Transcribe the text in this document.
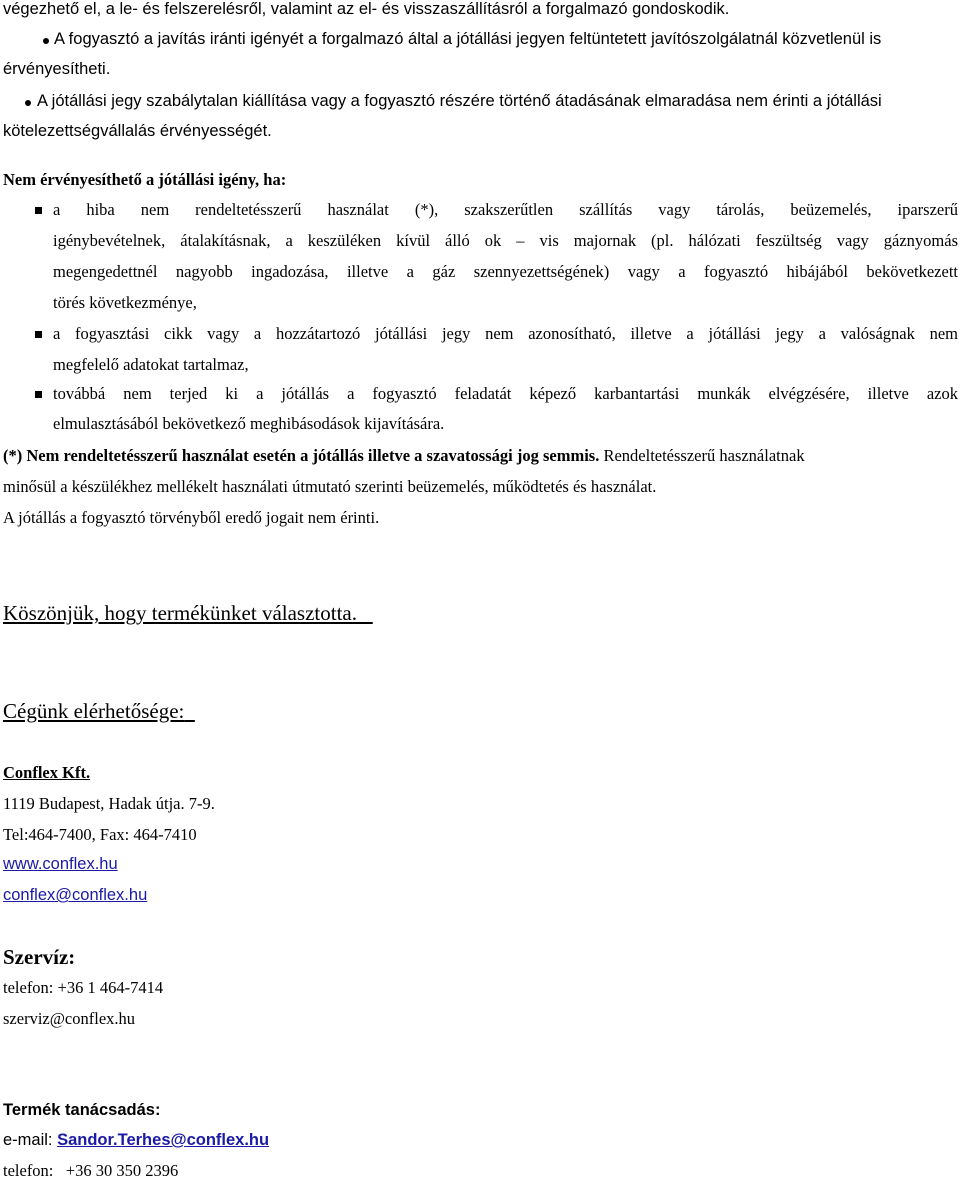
végezhető el, a le- és felszerelésről, valamint az el- és visszaszállításról a forgalmazó gondoskodik.
A fogyasztó a javítás iránti igényét a forgalmazó által a jótállási jegyen feltüntetett javítószolgálatnál közvetlenül is
érvényesítheti.
A jótállási jegy szabálytalan kiállítása vagy a fogyasztó részére történő átadásának elmaradása nem érinti a jótállási
kötelezettségvállalás érvényességét.
Nem érvényesíthető a jótállási igény, ha:
a hiba nem rendeltetésszerű használat (*), szakszerűtlen szállítás vagy tárolás, beüzemelés, iparszerű
igénybevételnek, átalakításnak, a keszüléken kívül álló ok – vis majornak (pl. hálózati feszültség vagy gáznyomás
megengedettnél nagyobb ingadozása, illetve a gáz szennyezettségének) vagy a fogyasztó hibájából bekövetkezett
törés következménye,
a fogyasztási cikk vagy a hozzátartozó jótállási jegy nem azonosítható, illetve a jótállási jegy a valóságnak nem
megfelelő adatokat tartalmaz,
továbbá nem terjed ki a jótállás a fogyasztó feladatát képező karbantartási munkák elvégzésére, illetve azok
elmulasztásából bekövetkező meghibásodások kijavítására.
(*) Nem rendeltetésszerű használat esetén a jótállás illetve a szavatossági jog semmis. Rendeltetésszerű használatnak
minősül a készülékhez mellékelt használati útmutató szerinti beüzemelés, működtetés és használat.
A jótállás a fogyasztó törvényből eredő jogait nem érinti.
Köszönjük, hogy termékünket választotta.
Cégünk elérhetősége:
Conflex Kft.
1119 Budapest, Hadak útja. 7-9.
Tel:464-7400, Fax: 464-7410
www.conflex.hu
conflex@conflex.hu
Szervíz:
telefon: +36 1 464-7414
szerviz@conflex.hu
Termék tanácsadás:
e-mail: Sandor.Terhes@conflex.hu
telefon:   +36 30 350 2396
